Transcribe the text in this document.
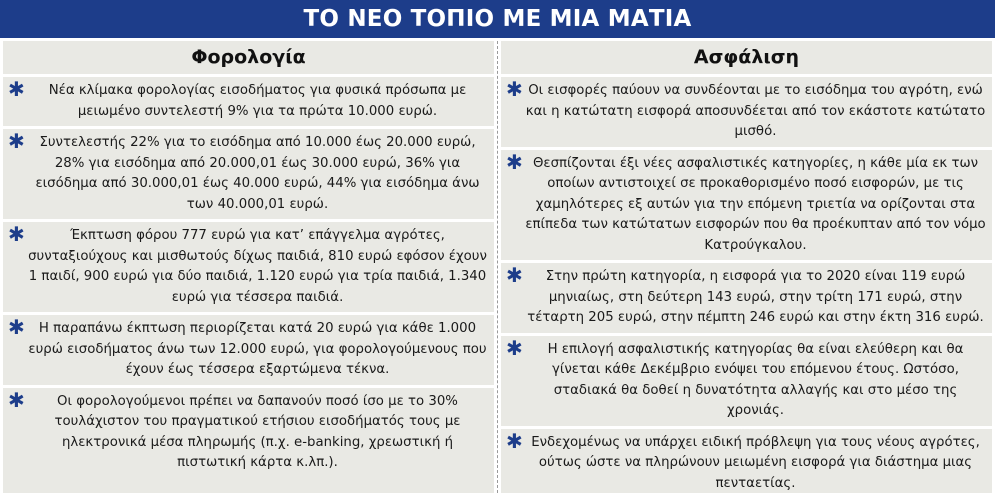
ΤΟ ΝΕΟ ΤΟΠΙΟ ΜΕ ΜΙΑ ΜΑΤΙΑ
Φορολογία
✱ Νέα κλίμακα φορολογίας εισοδήματος για φυσικά πρόσωπα με μειωμένο συντελεστή 9% για τα πρώτα 10.000 ευρώ.
✱ Συντελεστής 22% για το εισόδημα από 10.000 έως 20.000 ευρώ, 28% για εισόδημα από 20.000,01 έως 30.000 ευρώ, 36% για εισόδημα από 30.000,01 έως 40.000 ευρώ, 44% για εισόδημα άνω των 40.000,01 ευρώ.
✱	Έκπτωση φόρου 777 ευρώ για κατ’ επάγγελμα αγρότες, συνταξιούχους και μισθωτούς δίχως παιδιά, 810 ευρώ εφόσον έχουν 1 παιδί, 900 ευρώ για δύο παιδιά, 1.120 ευρώ για τρία παιδιά, 1.340 ευρώ για τέσσερα παιδιά.
✱ Η παραπάνω έκπτωση περιορίζεται κατά 20 ευρώ για κάθε 1.000 ευρώ εισοδήματος άνω των 12.000 ευρώ, για φορολογούμενους που έχουν έως τέσσερα εξαρτώμενα τέκνα.
✱ Οι φορολογούμενοι πρέπει να δαπανούν ποσό ίσο με το 30% τουλάχιστον του πραγματικού ετήσιου εισοδήματός τους με ηλεκτρονικά μέσα πληρωμής (π.χ. e-banking, χρεωστική ή πιστωτική κάρτα κ.λπ.).
Ασφάλιση
✱ Οι εισφορές παύουν να συνδέονται με το εισόδημα του αγρότη, ενώ και η κατώτατη εισφορά αποσυνδέεται από τον εκάστοτε κατώτατο μισθό.
✱ Θεσπίζονται έξι νέες ασφαλιστικές κατηγορίες, η κάθε μία εκ των οποίων αντιστοιχεί σε προκαθορισμένο ποσό εισφορών, με τις χαμηλότερες εξ αυτών για την επόμενη τριετία να ορίζονται στα επίπεδα των κατώτατων εισφορών που θα προέκυπταν από τον νόμο Κατρούγκαλου.
✱ Στην πρώτη κατηγορία, η εισφορά για το 2020 είναι 119 ευρώ μηνιαίως, στη δεύτερη 143 ευρώ, στην τρίτη 171 ευρώ, στην τέταρτη 205 ευρώ, στην πέμπτη 246 ευρώ και στην έκτη 316 ευρώ.
✱ Η επιλογή ασφαλιστικής κατηγορίας θα είναι ελεύθερη και θα γίνεται κάθε Δεκέμβριο ενόψει του επόμενου έτους. Ωστόσο, σταδιακά θα δοθεί η δυνατότητα αλλαγής και στο μέσο της χρονιάς.
✱ Ενδεχομένως να υπάρχει ειδική πρόβλεψη για τους νέους αγρότες, ούτως ώστε να πληρώνουν μειωμένη εισφορά για διάστημα μιας πενταετίας.
